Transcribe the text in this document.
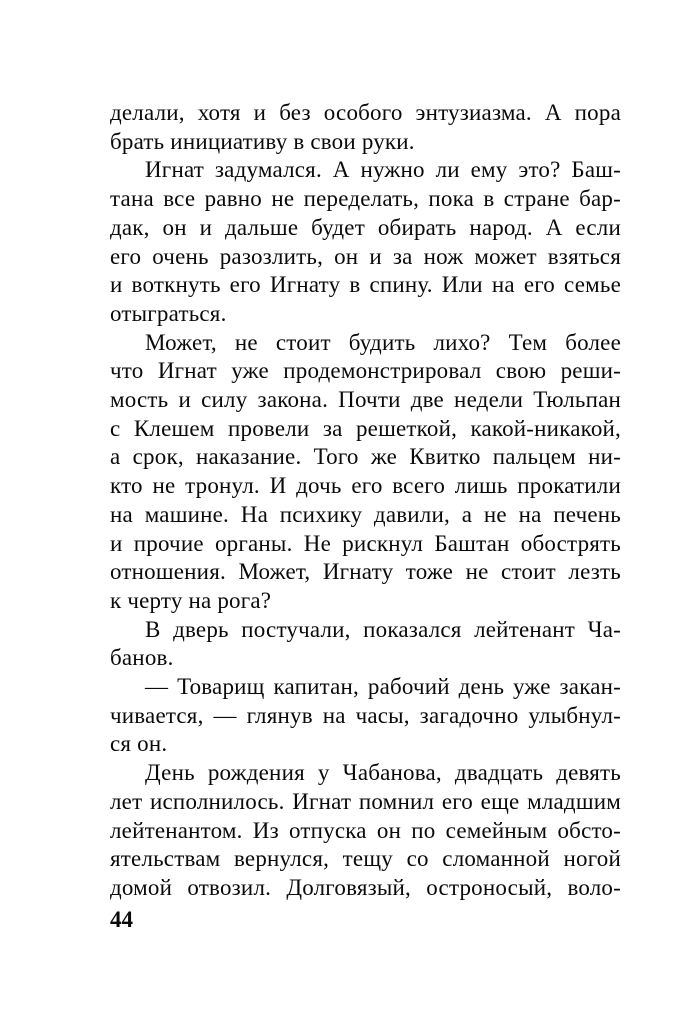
делали, хотя и без особого энтузиазма. А пора
брать инициативу в свои руки.
Игнат задумался. А нужно ли ему это? Баш-
тана все равно не переделать, пока в стране бар-
дак, он и дальше будет обирать народ. А если
его очень разозлить, он и за нож может взяться
и воткнуть его Игнату в спину. Или на его семье
отыграться.
Может, не стоит будить лихо? Тем более
что Игнат уже продемонстрировал свою реши-
мость и силу закона. Почти две недели Тюльпан
с Клешем провели за решеткой, какой-никакой,
а срок, наказание. Того же Квитко пальцем ни-
кто не тронул. И дочь его всего лишь прокатили
на машине. На психику давили, а не на печень
и прочие органы. Не рискнул Баштан обострять
отношения. Может, Игнату тоже не стоит лезть
к черту на рога?
В дверь постучали, показался лейтенант Ча-
банов.
— Товарищ капитан, рабочий день уже закан-
чивается, — глянув на часы, загадочно улыбнул-
ся он.
День рождения у Чабанова, двадцать девять
лет исполнилось. Игнат помнил его еще младшим
лейтенантом. Из отпуска он по семейным обсто-
ятельствам вернулся, тещу со сломанной ногой
домой отвозил. Долговязый, остроносый, воло-
44
